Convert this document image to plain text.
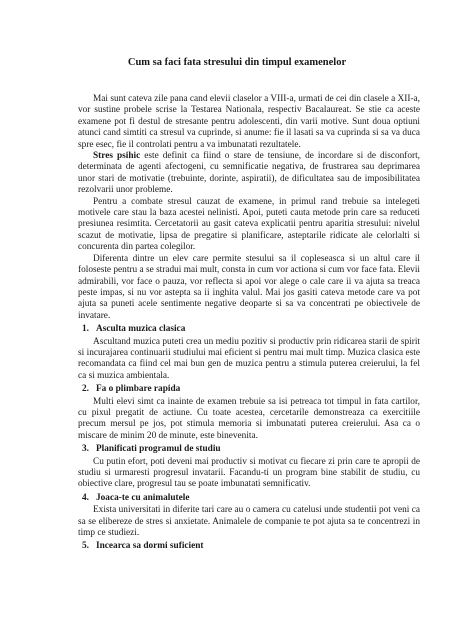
Cum sa faci fata stresului din timpul examenelor

Mai sunt cateva zile pana cand elevii claselor a VIII-a, urmati de cei din clasele a XII-a, vor sustine probele scrise la Testarea Nationala, respectiv Bacalaureat. Se stie ca aceste examene pot fi destul de stresante pentru adolescenti, din varii motive. Sunt doua optiuni atunci cand simtiti ca stresul va cuprinde, si anume: fie il lasati sa va cuprinda si sa va duca spre esec, fie il controlati pentru a va imbunatati rezultatele.

Stres psihic este definit ca fiind o stare de tensiune, de incordare si de disconfort, determinata de agenti afectogeni, cu semnificatie negativa, de frustrarea sau deprimarea unor stari de motivatie (trebuinte, dorinte, aspiratii), de dificultatea sau de imposibilitatea rezolvarii unor probleme.

Pentru a combate stresul cauzat de examene, in primul rand trebuie sa intelegeti motivele care stau la baza acestei nelinisti. Apoi, puteti cauta metode prin care sa reduceti presiunea resimtita. Cercetatorii au gasit cateva explicatii pentru aparitia stresului: nivelul scazut de motivatie, lipsa de pregatire si planificare, asteptarile ridicate ale celorlalti si concurenta din partea colegilor.

Diferenta dintre un elev care permite stesului sa il copleseasca si un altul care il foloseste pentru a se stradui mai mult, consta in cum vor actiona si cum vor face fata. Elevii admirabili, vor face o pauza, vor reflecta si apoi vor alege o cale care ii va ajuta sa treaca peste impas, si nu vor astepta sa ii inghita valul. Mai jos gasiti cateva metode care va pot ajuta sa puneti acele sentimente negative deoparte si sa va concentrati pe obiectivele de invatare.

1. Asculta muzica clasica

Ascultand muzica puteti crea un mediu pozitiv si productiv prin ridicarea starii de spirit si incurajarea continuarii studiului mai eficient si pentru mai mult timp. Muzica clasica este recomandata ca fiind cel mai bun gen de muzica pentru a stimula puterea creierului, la fel ca si muzica ambientala.

2. Fa o plimbare rapida

Multi elevi simt ca inainte de examen trebuie sa isi petreaca tot timpul in fata cartilor, cu pixul pregatit de actiune. Cu toate acestea, cercetarile demonstreaza ca exercitiile precum mersul pe jos, pot stimula memoria si imbunatati puterea creierului. Asa ca o miscare de minim 20 de minute, este binevenita.

3. Planificati programul de studiu

Cu putin efort, poti deveni mai productiv si motivat cu fiecare zi prin care te apropii de studiu si urmaresti progresul invatarii. Facandu-ti un program bine stabilit de studiu, cu obiective clare, progresul tau se poate imbunatati semnificativ.

4. Joaca-te cu animalutele

Exista universitati in diferite tari care au o camera cu catelusi unde studentii pot veni ca sa se elibereze de stres si anxietate. Animalele de companie te pot ajuta sa te concentrezi in timp ce studiezi.

5. Incearca sa dormi suficient
